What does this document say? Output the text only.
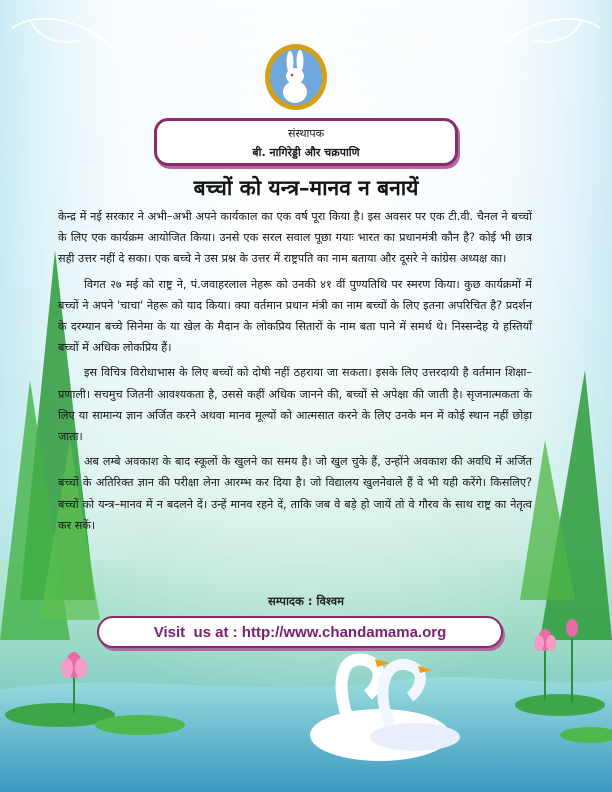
संस्थापक
बी. नागिरेड्डी और चक्रपाणि
बच्चों को यन्त्र–मानव न बनायें

केन्द्र में नई सरकार ने अभी–अभी अपने कार्यकाल का एक वर्ष पूरा किया है। इस अवसर पर एक टी.वी. चैनल ने बच्चों के लिए एक कार्यक्रम आयोजित किया। उनसे एक सरल सवाल पूछा गयाः भारत का प्रधानमंत्री कौन है? कोई भी छात्र सही उत्तर नहीं दे सका। एक बच्चे ने उस प्रश्न के उत्तर में राष्ट्रपति का नाम बताया और दूसरे ने कांग्रेस अध्यक्ष का।

विगत २७ मई को राष्ट्र ने, पं.जवाहरलाल नेहरू को उनकी ४१ वीं पुण्यतिथि पर स्मरण किया। कुछ कार्यक्रमों में बच्चों ने अपने 'चाचा' नेहरू को याद किया। क्या वर्तमान प्रधान मंत्री का नाम बच्चों के लिए इतना अपरिचित है? प्रदर्शन के दरम्यान बच्चे सिनेमा के या खेल के मैदान के लोकप्रिय सितारों के नाम बता पाने में समर्थ थे। निस्सन्देह ये हस्तियाँ बच्चों में अधिक लोकप्रिय हैं।

इस विचित्र विरोधाभास के लिए बच्चों को दोषी नहीं ठहराया जा सकता। इसके लिए उत्तरदायी है वर्तमान शिक्षा–प्रणाली। सचमुच जितनी आवश्यकता है, उससे कहीं अधिक जानने की, बच्चों से अपेक्षा की जाती है। सृजनात्मकता के लिए या सामान्य ज्ञान अर्जित करने अथवा मानव मूल्यों को आत्मसात करने के लिए उनके मन में कोई स्थान नहीं छोड़ा जाता।

अब लम्बे अवकाश के बाद स्कूलों के खुलने का समय है। जो खुल चुके हैं, उन्होंने अवकाश की अवधि में अर्जित बच्चों के अतिरिक्त ज्ञान की परीक्षा लेना आरम्भ कर दिया है। जो विद्यालय खुलनेवाले हैं वे भी यही करेंगे। किसलिए? बच्चों को यन्त्र–मानव में न बदलने दें। उन्हें मानव रहने दें, ताकि जब वे बड़े हो जायें तो वे गौरव के साथ राष्ट्र का नेतृत्व कर सकें।

सम्पादक : विश्वम
Visit  us at : http://www.chandamama.org
